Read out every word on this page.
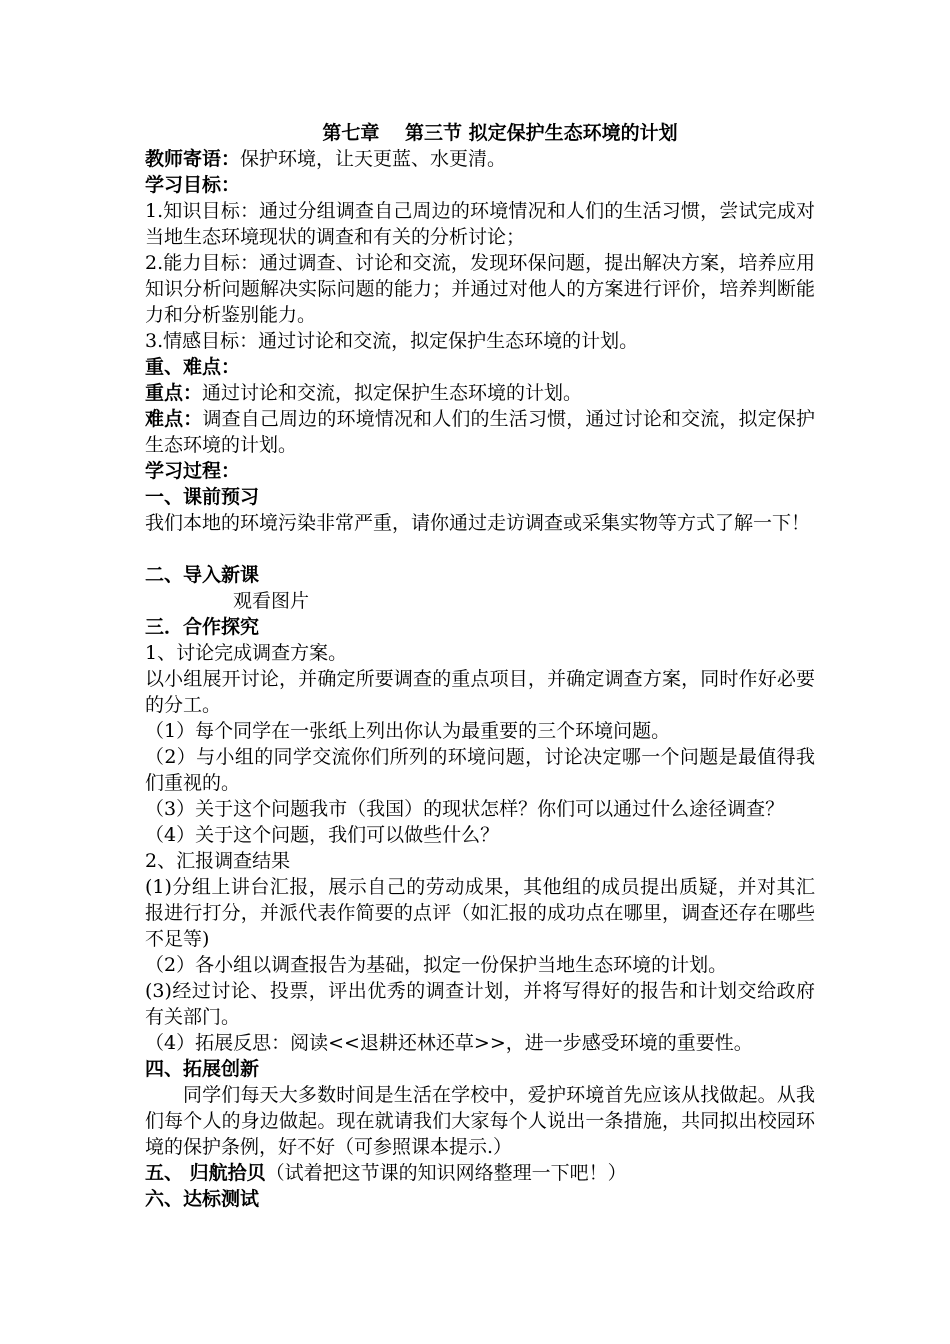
第七章　 第三节 拟定保护生态环境的计划

教师寄语：保护环境，让天更蓝、水更清。

学习目标：

1.知识目标：通过分组调查自己周边的环境情况和人们的生活习惯，尝试完成对当地生态环境现状的调查和有关的分析讨论；

2.能力目标：通过调查、讨论和交流，发现环保问题，提出解决方案，培养应用知识分析问题解决实际问题的能力；并通过对他人的方案进行评价，培养判断能力和分析鉴别能力。

3.情感目标：通过讨论和交流，拟定保护生态环境的计划。

重、难点：

重点：通过讨论和交流，拟定保护生态环境的计划。

难点：调查自己周边的环境情况和人们的生活习惯，通过讨论和交流，拟定保护生态环境的计划。

学习过程：

一、课前预习

我们本地的环境污染非常严重，请你通过走访调查或采集实物等方式了解一下！

二、导入新课

观看图片

三．合作探究

1、讨论完成调查方案。

以小组展开讨论，并确定所要调查的重点项目，并确定调查方案，同时作好必要的分工。

（1）每个同学在一张纸上列出你认为最重要的三个环境问题。

（2）与小组的同学交流你们所列的环境问题，讨论决定哪一个问题是最值得我们重视的。

（3）关于这个问题我市（我国）的现状怎样？你们可以通过什么途径调查？

（4）关于这个问题，我们可以做些什么？

2、汇报调查结果

(1)分组上讲台汇报，展示自己的劳动成果，其他组的成员提出质疑，并对其汇报进行打分，并派代表作简要的点评（如汇报的成功点在哪里，调查还存在哪些不足等)

（2）各小组以调查报告为基础，拟定一份保护当地生态环境的计划。

(3)经过讨论、投票，评出优秀的调查计划，并将写得好的报告和计划交给政府有关部门。

（4）拓展反思：阅读<<退耕还林还草>>，进一步感受环境的重要性。

四、拓展创新

同学们每天大多数时间是生活在学校中，爱护环境首先应该从找做起。从我们每个人的身边做起。现在就请我们大家每个人说出一条措施，共同拟出校园环境的保护条例，好不好（可参照课本提示.）

五、 归航拾贝（试着把这节课的知识网络整理一下吧！）

六、达标测试
